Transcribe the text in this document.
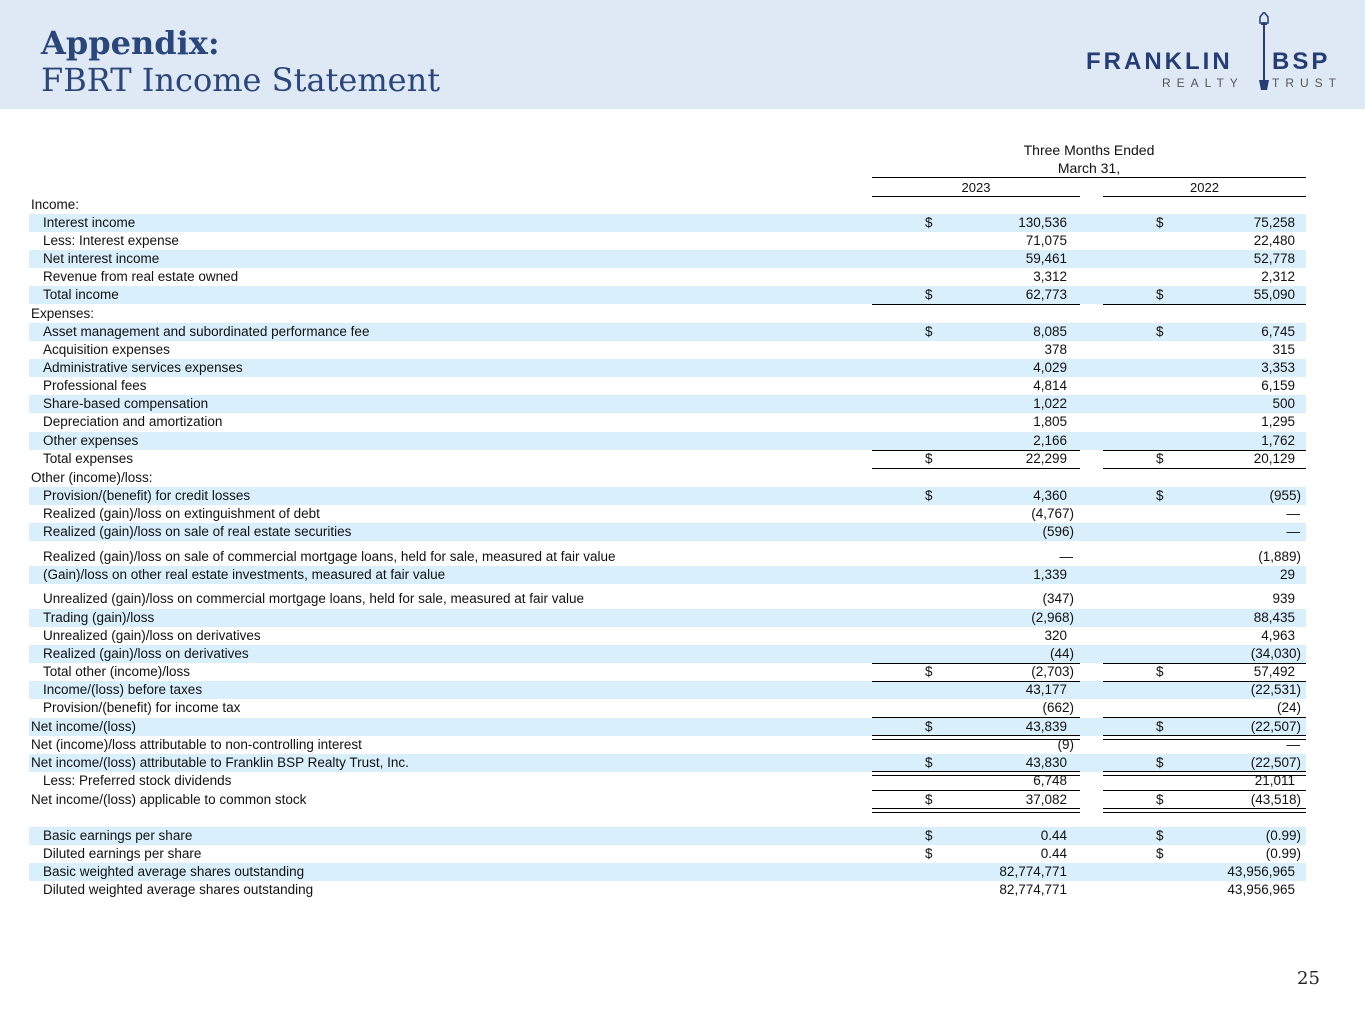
Appendix:
FBRT Income Statement	FRANKLIN BSP
REALTY TRUST
Three Months Ended
March 31,
2023	2022
Income:
Interest income	$	130,536	$	75,258
Less: Interest expense	71,075	22,480
Net interest income	59,461	52,778
Revenue from real estate owned	3,312	2,312
Total income	$	62,773	$	55,090
Expenses:
Asset management and subordinated performance fee	$	8,085	$	6,745
Acquisition expenses	378	315
Administrative services expenses	4,029	3,353
Professional fees	4,814	6,159
Share-based compensation	1,022	500
Depreciation and amortization	1,805	1,295
Other expenses	2,166	1,762
Total expenses	$	22,299	$	20,129
Other (income)/loss:
Provision/(benefit) for credit losses	$	4,360	$	(955)
Realized (gain)/loss on extinguishment of debt	(4,767)	—
Realized (gain)/loss on sale of real estate securities	(596)	—
Realized (gain)/loss on sale of commercial mortgage loans, held for sale, measured at fair value	—	(1,889)
(Gain)/loss on other real estate investments, measured at fair value	1,339	29
Unrealized (gain)/loss on commercial mortgage loans, held for sale, measured at fair value	(347)	939
Trading (gain)/loss	(2,968)	88,435
Unrealized (gain)/loss on derivatives	320	4,963
Realized (gain)/loss on derivatives	(44)	(34,030)
Total other (income)/loss	$	(2,703)	$	57,492
Income/(loss) before taxes	43,177	(22,531)
Provision/(benefit) for income tax	(662)	(24)
Net income/(loss)	$	43,839	$	(22,507)
Net (income)/loss attributable to non-controlling interest	(9)	—
Net income/(loss) attributable to Franklin BSP Realty Trust, Inc.	$	43,830	$	(22,507)
Less: Preferred stock dividends	6,748	21,011
Net income/(loss) applicable to common stock	$	37,082	$	(43,518)
Basic earnings per share	$	0.44	$	(0.99)
Diluted earnings per share	$	0.44	$	(0.99)
Basic weighted average shares outstanding	82,774,771	43,956,965
Diluted weighted average shares outstanding	82,774,771	43,956,965
25
